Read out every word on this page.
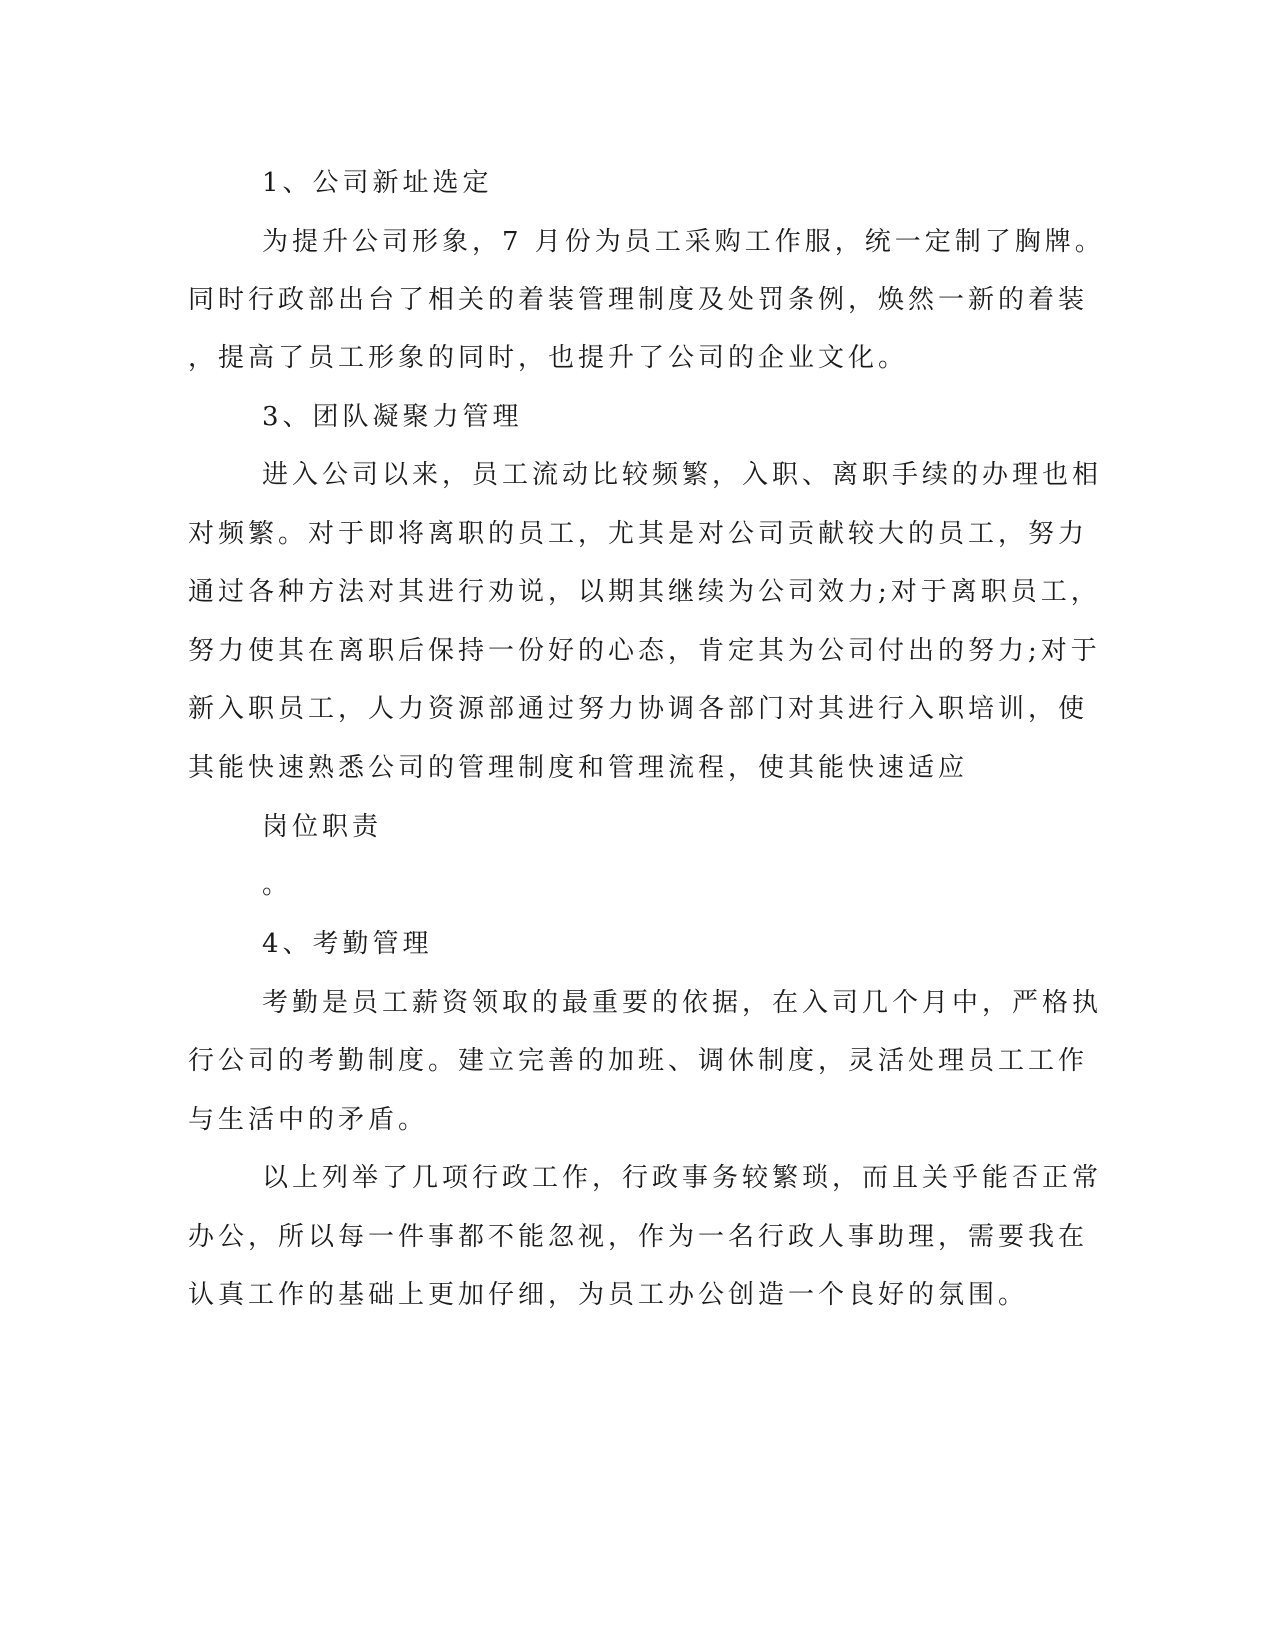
1、公司新址选定

为提升公司形象，7 月份为员工采购工作服，统一定制了胸牌。

同时行政部出台了相关的着装管理制度及处罚条例，焕然一新的着装

，提高了员工形象的同时，也提升了公司的企业文化。

3、团队凝聚力管理

进入公司以来，员工流动比较频繁，入职、离职手续的办理也相

对频繁。对于即将离职的员工，尤其是对公司贡献较大的员工，努力

通过各种方法对其进行劝说，以期其继续为公司效力;对于离职员工，

努力使其在离职后保持一份好的心态，肯定其为公司付出的努力;对于

新入职员工，人力资源部通过努力协调各部门对其进行入职培训，使

其能快速熟悉公司的管理制度和管理流程，使其能快速适应

岗位职责

。

4、考勤管理

考勤是员工薪资领取的最重要的依据，在入司几个月中，严格执

行公司的考勤制度。建立完善的加班、调休制度，灵活处理员工工作

与生活中的矛盾。

以上列举了几项行政工作，行政事务较繁琐，而且关乎能否正常

办公，所以每一件事都不能忽视，作为一名行政人事助理，需要我在

认真工作的基础上更加仔细，为员工办公创造一个良好的氛围。
